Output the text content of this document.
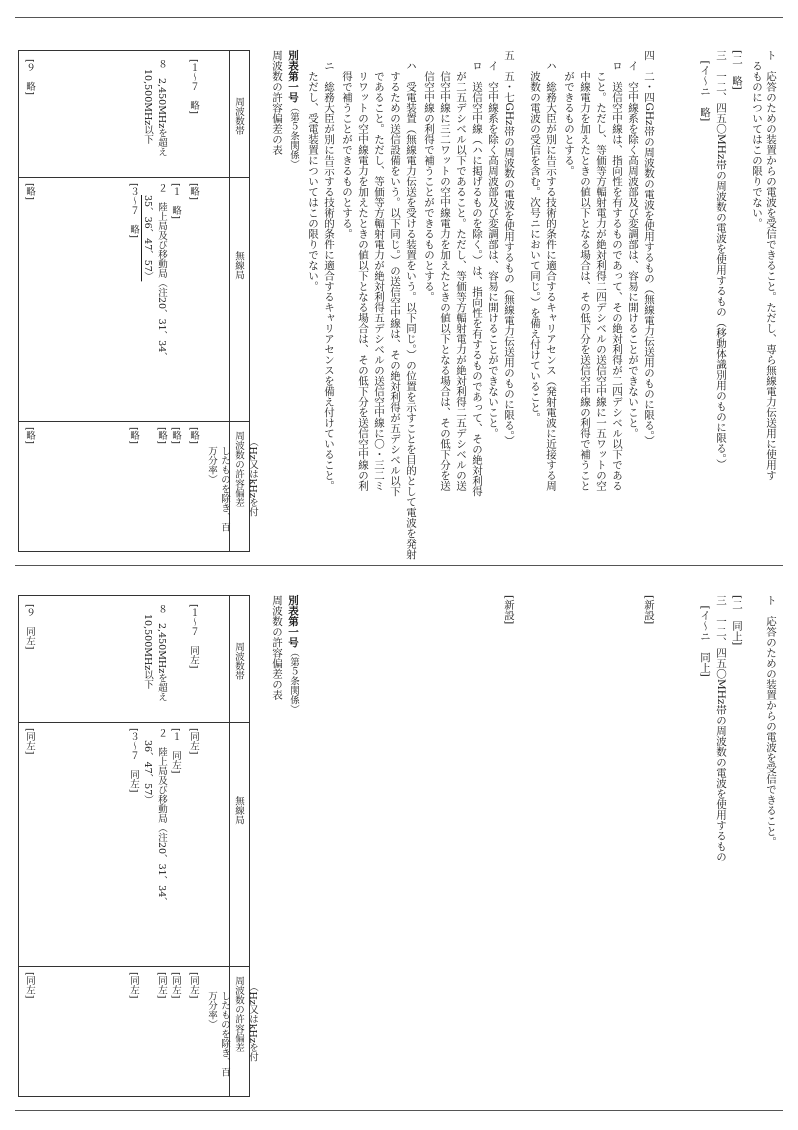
ト　応答のための装置からの電波を受信できること。ただし、専ら無線電力伝送用に使用す
　るものについてはこの限りでない。
[二　略]
三　一二、四五〇MHz帯の周波数の電波を使用するもの（移動体識別用のものに限る。）
　[イ～ニ　略]
四　二・四GHz帯の周波数の電波を使用するもの（無線電力伝送用のものに限る。）
　イ　空中線系を除く高周波部及び変調部は、容易に開けることができないこと。
　ロ　送信空中線は、指向性を有するものであって、その絶対利得が二四デシベル以下である
　　こと。ただし、等価等方輻射電力が絶対利得二四デシベルの送信空中線に一五ワットの空
　　中線電力を加えたときの値以下となる場合は、その低下分を送信空中線の利得で補うこと
　　ができるものとする。
　ハ　総務大臣が別に告示する技術的条件に適合するキャリアセンス（発射電波に近接する周
　　波数の電波の受信を含む。次号ニにおいて同じ。）を備え付けていること。
五　五・七GHz帯の周波数の電波を使用するもの（無線電力伝送用のものに限る。）
　イ　空中線系を除く高周波部及び変調部は、容易に開けることができないこと。
　ロ　送信空中線（ハに掲げるものを除く。）は、指向性を有するものであって、その絶対利得
　　が二五デシベル以下であること。ただし、等価等方輻射電力が絶対利得二五デシベルの送
　　信空中線に三二ワットの空中線電力を加えたときの値以下となる場合は、その低下分を送
　　信空中線の利得で補うことができるものとする。
　ハ　受電装置（無線電力伝送を受ける装置をいう。以下同じ。）の位置を示すことを目的として電波を発射
　　するための送信設備をいう。以下同じ。）の送信空中線は、その絶対利得が五デシベル以下
　　であること。ただし、等価等方輻射電力が絶対利得五デシベルの送信空中線に〇・三二ミ
　　リワットの空中線電力を加えたときの値以下となる場合は、その低下分を送信空中線の利
　　得で補うことができるものとする。
　ニ　総務大臣が別に告示する技術的条件に適合するキャリアセンスを備え付けていること。
　　ただし、受電装置についてはこの限りでない。
別表第一号（第５条関係）
周波数の許容偏差の表
周波数帯
無線局
周波数の許容偏差 （Hz又はkHzを付
[１～７　略]
[略]
[略]
８　2,450MHzを超え
10,500MHz以下
[１　略]
２　陸上局及び移動局（注20、31、34、
35、36、47、57）
[３～７　略]
[略]
[略]
[略]
[９　略]
[略]
[略]
ト　応答のための装置からの電波を受信できること。
[二　同上]
三　一二、四五〇MHz帯の周波数の電波を使用するもの
　[イ～ニ　同上]
[新設]
[新設]
別表第一号（第５条関係）
周波数の許容偏差の表
周波数帯
無線局
周波数の許容偏差 （Hz又はkHzを付
[１～７　同左]
[同左]
[同左]
８　2,450MHzを超え
10,500MHz以下
[１　同左]
２　陸上局及び移動局（注20、31、34、
36、47、57）
[３～７　同左]
[同左]
[同左]
[同左]
[９　同左]
[同左]
[同左]
したものを除き、百
万分率）
したものを除き、百
万分率）
